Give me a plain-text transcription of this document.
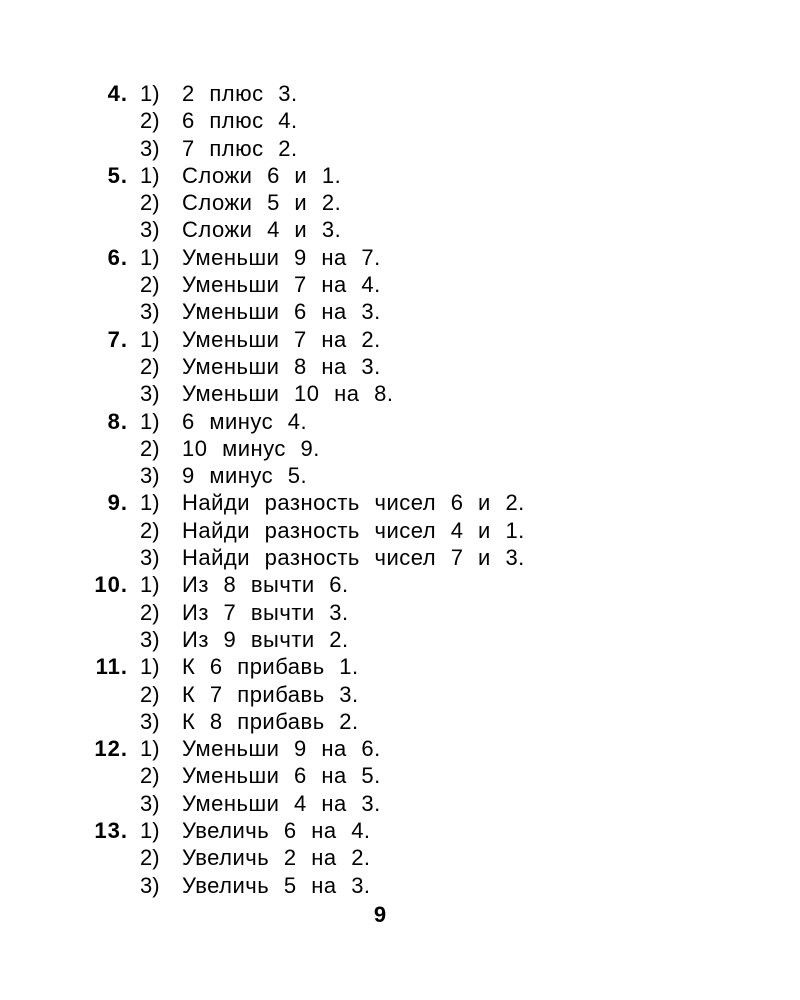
4. 1)	2 плюс 3.
2)	6 плюс 4.
3)	7 плюс 2.
5. 1)	Сложи 6 и 1.
2)	Сложи 5 и 2.
3)	Сложи 4 и 3.
6. 1)	Уменьши 9 на 7.
2)	Уменьши 7 на 4.
3)	Уменьши 6 на 3.
7. 1)	Уменьши 7 на 2.
2)	Уменьши 8 на 3.
3)	Уменьши 10 на 8.
8. 1)	6 минус 4.
2)	10 минус 9.
3)	9 минус 5.
9. 1)	Найди разность чисел 6 и 2.
2)	Найди разность чисел 4 и 1.
3)	Найди разность чисел 7 и 3.
10. 1)	Из 8 вычти 6.
2)	Из 7 вычти 3.
3)	Из 9 вычти 2.
11. 1)	К 6 прибавь 1.
2)	К 7 прибавь 3.
3)	К 8 прибавь 2.
12. 1)	Уменьши 9 на 6.
2)	Уменьши 6 на 5.
3)	Уменьши 4 на 3.
13. 1)	Увеличь 6 на 4.
2)	Увеличь 2 на 2.
3)	Увеличь 5 на 3.
9
